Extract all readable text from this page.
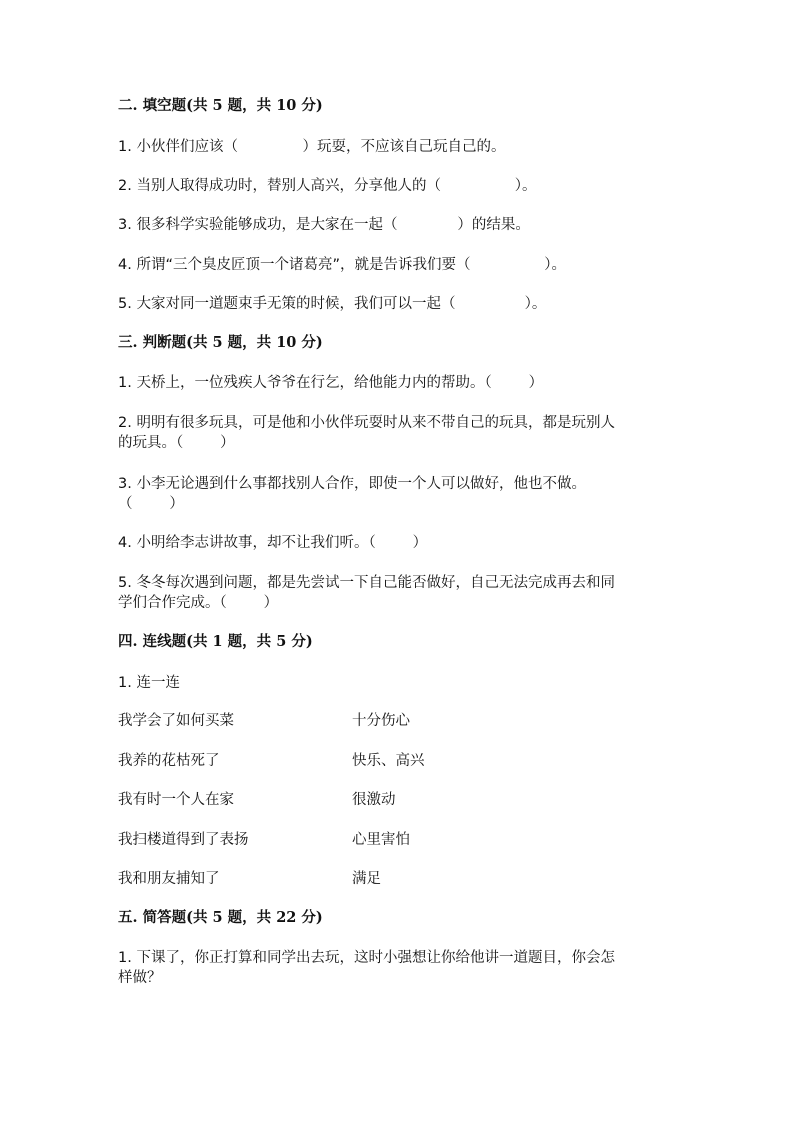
二. 填空题(共 5 题，共 10 分)
1. 小伙伴们应该（              ）玩耍，不应该自己玩自己的。
2. 当别人取得成功时，替别人高兴，分享他人的（                ）。
3. 很多科学实验能够成功，是大家在一起（             ）的结果。
4. 所谓“三个臭皮匠顶一个诸葛亮”，就是告诉我们要（                ）。
5. 大家对同一道题束手无策的时候，我们可以一起（               ）。
三. 判断题(共 5 题，共 10 分)
1. 天桥上，一位残疾人爷爷在行乞，给他能力内的帮助。（        ）
2. 明明有很多玩具，可是他和小伙伴玩耍时从来不带自己的玩具，都是玩别人
的玩具。（        ）
3. 小李无论遇到什么事都找别人合作，即使一个人可以做好，他也不做。
（        ）
4. 小明给李志讲故事，却不让我们听。（        ）
5. 冬冬每次遇到问题，都是先尝试一下自己能否做好，自己无法完成再去和同
学们合作完成。（        ）
四. 连线题(共 1 题，共 5 分)
1. 连一连
我学会了如何买菜	十分伤心
我养的花枯死了	快乐、高兴
我有时一个人在家	很激动
我扫楼道得到了表扬	心里害怕
我和朋友捕知了	满足
五. 简答题(共 5 题，共 22 分)
1. 下课了，你正打算和同学出去玩，这时小强想让你给他讲一道题目，你会怎
样做？
